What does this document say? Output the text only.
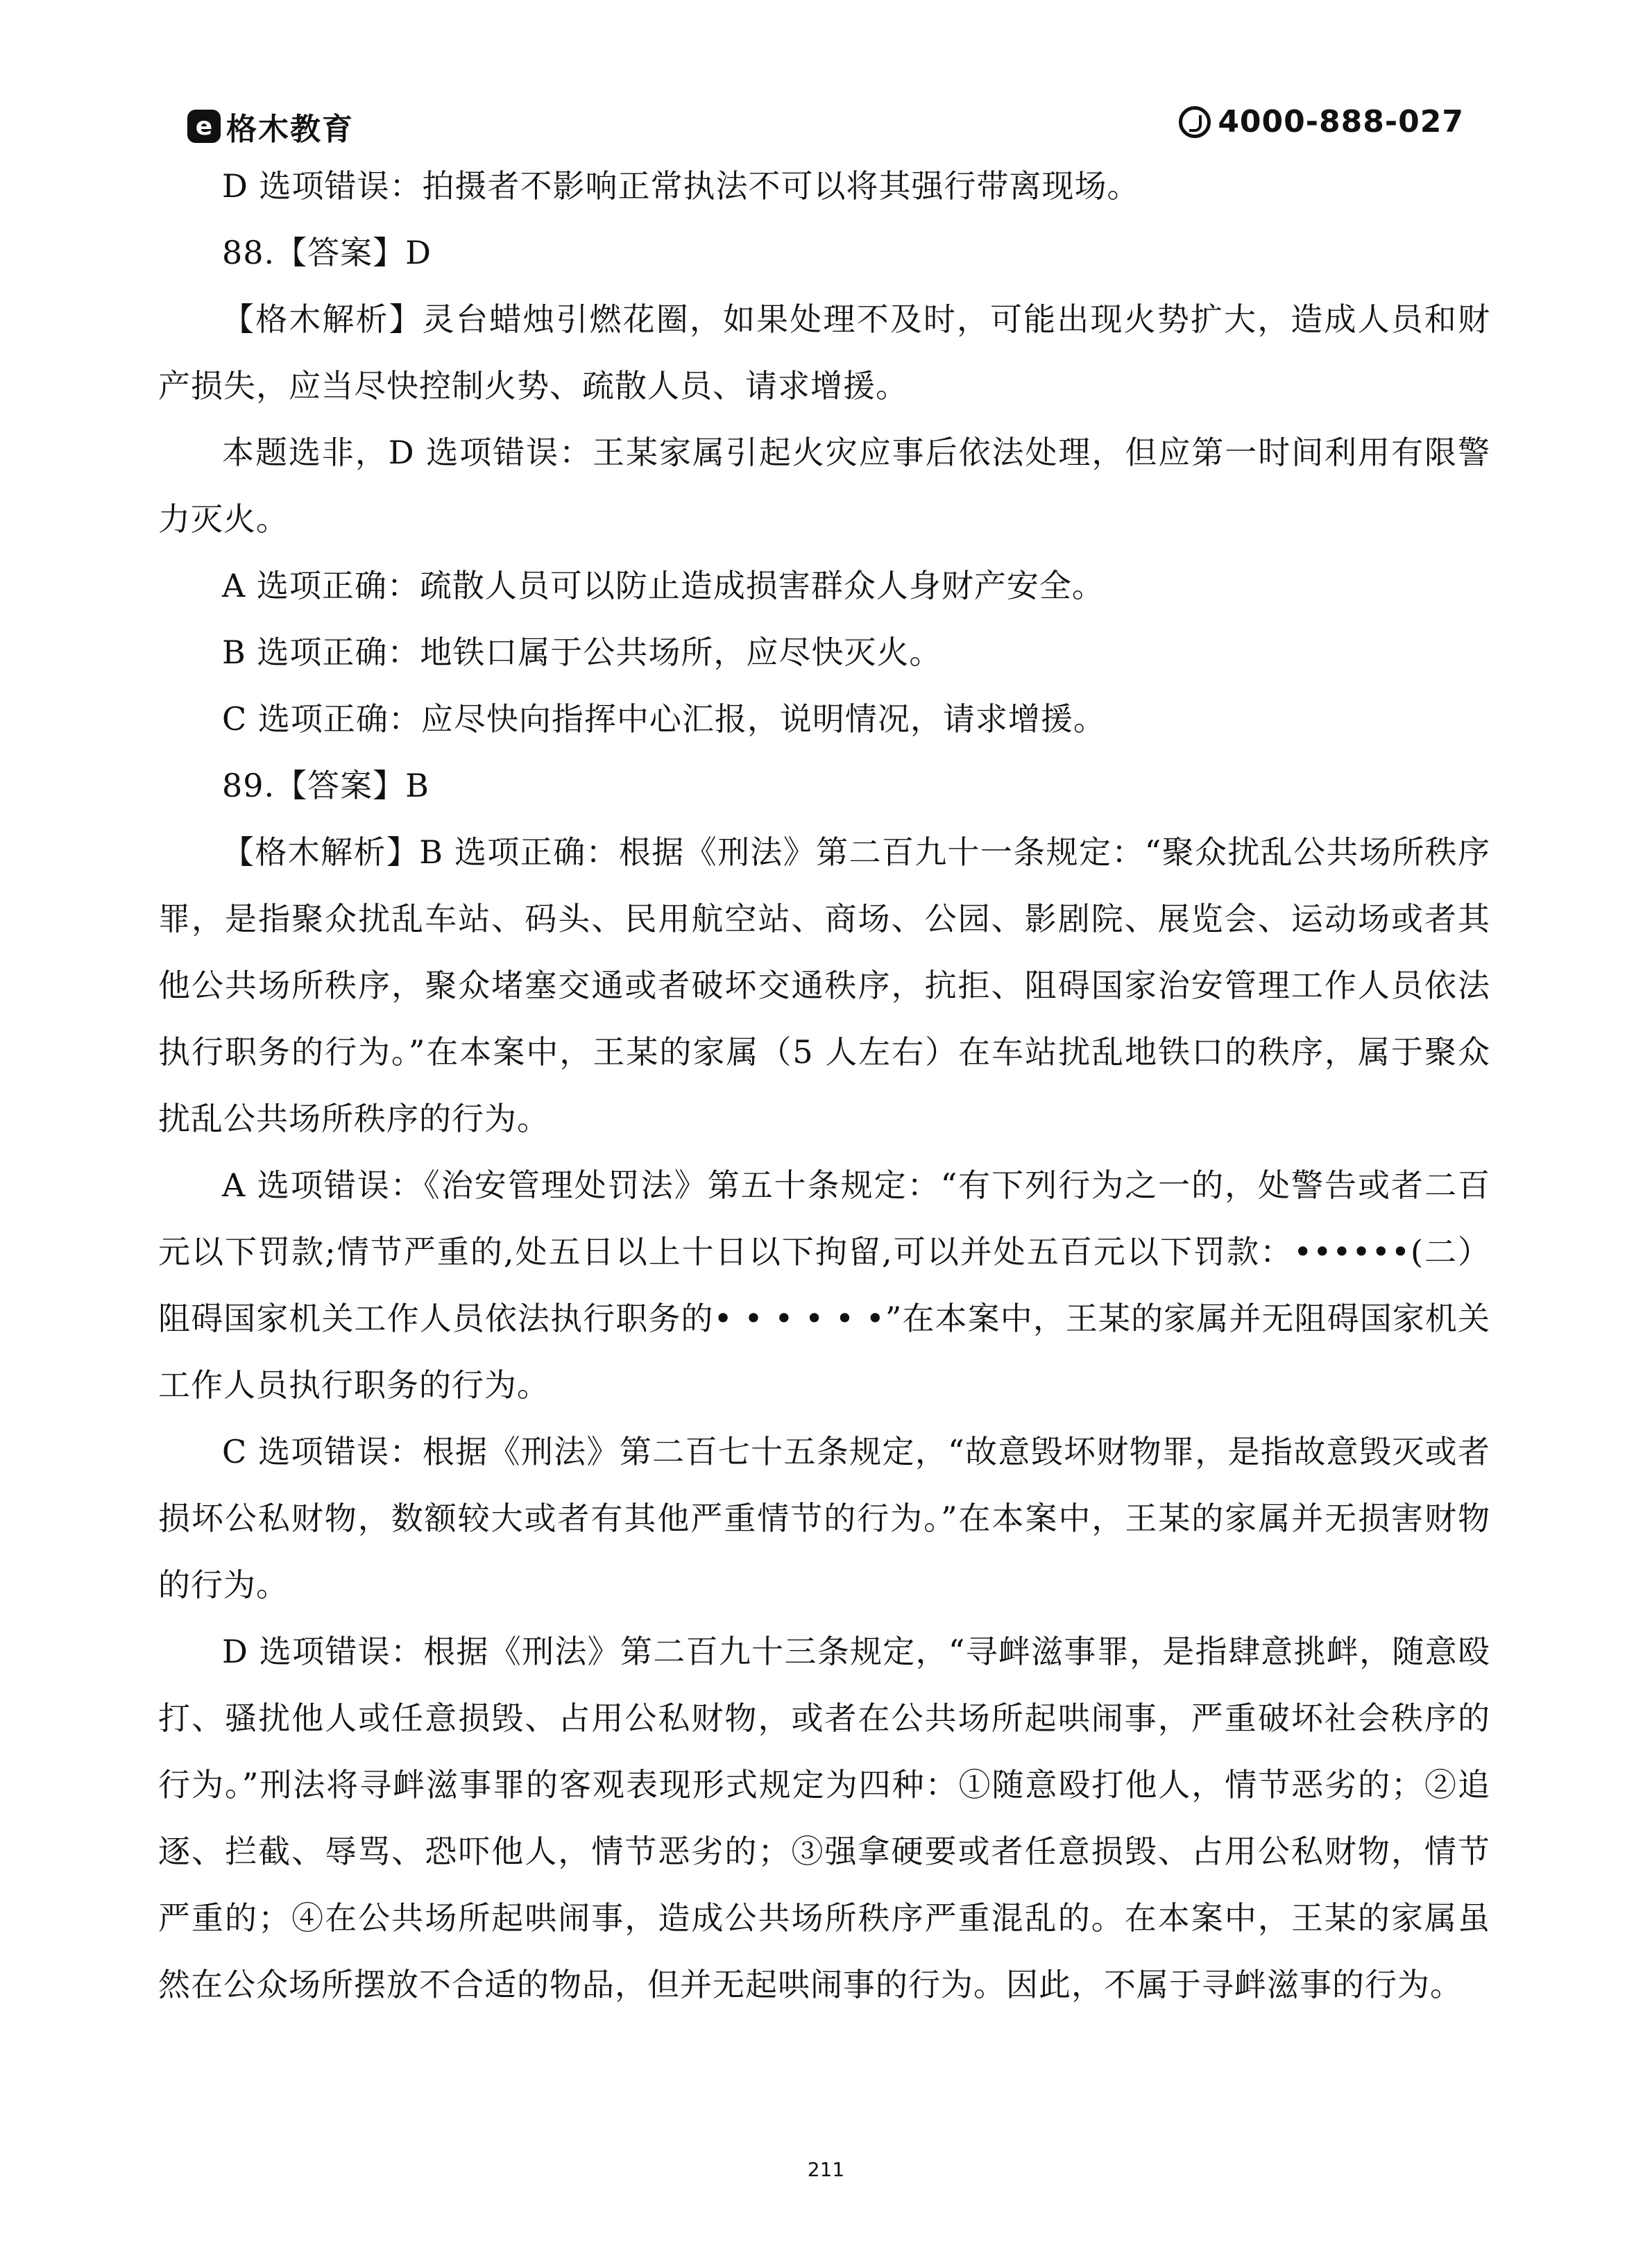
e 格木教育	4000-888-027

D 选项错误：拍摄者不影响正常执法不可以将其强行带离现场。

88.【答案】D

【格木解析】灵台蜡烛引燃花圈，如果处理不及时，可能出现火势扩大，造成人员和财产损失，应当尽快控制火势、疏散人员、请求增援。

本题选非，D 选项错误：王某家属引起火灾应事后依法处理，但应第一时间利用有限警力灭火。

A 选项正确：疏散人员可以防止造成损害群众人身财产安全。

B 选项正确：地铁口属于公共场所，应尽快灭火。

C 选项正确：应尽快向指挥中心汇报，说明情况，请求增援。

89.【答案】B

【格木解析】B 选项正确：根据《刑法》第二百九十一条规定：“聚众扰乱公共场所秩序罪，是指聚众扰乱车站、码头、民用航空站、商场、公园、影剧院、展览会、运动场或者其他公共场所秩序，聚众堵塞交通或者破坏交通秩序，抗拒、阻碍国家治安管理工作人员依法执行职务的行为。”在本案中，王某的家属（5 人左右）在车站扰乱地铁口的秩序，属于聚众扰乱公共场所秩序的行为。

A 选项错误：《治安管理处罚法》第五十条规定：“有下列行为之一的，处警告或者二百元以下罚款;情节严重的,处五日以上十日以下拘留,可以并处五百元以下罚款：••••••(二）阻碍国家机关工作人员依法执行职务的• • • • • •”在本案中，王某的家属并无阻碍国家机关工作人员执行职务的行为。

C 选项错误：根据《刑法》第二百七十五条规定，“故意毁坏财物罪，是指故意毁灭或者损坏公私财物，数额较大或者有其他严重情节的行为。”在本案中，王某的家属并无损害财物的行为。

D 选项错误：根据《刑法》第二百九十三条规定，“寻衅滋事罪，是指肆意挑衅，随意殴打、骚扰他人或任意损毁、占用公私财物，或者在公共场所起哄闹事，严重破坏社会秩序的行为。”刑法将寻衅滋事罪的客观表现形式规定为四种：①随意殴打他人，情节恶劣的；②追逐、拦截、辱骂、恐吓他人，情节恶劣的；③强拿硬要或者任意损毁、占用公私财物，情节严重的；④在公共场所起哄闹事，造成公共场所秩序严重混乱的。在本案中，王某的家属虽然在公众场所摆放不合适的物品，但并无起哄闹事的行为。因此，不属于寻衅滋事的行为。

211
